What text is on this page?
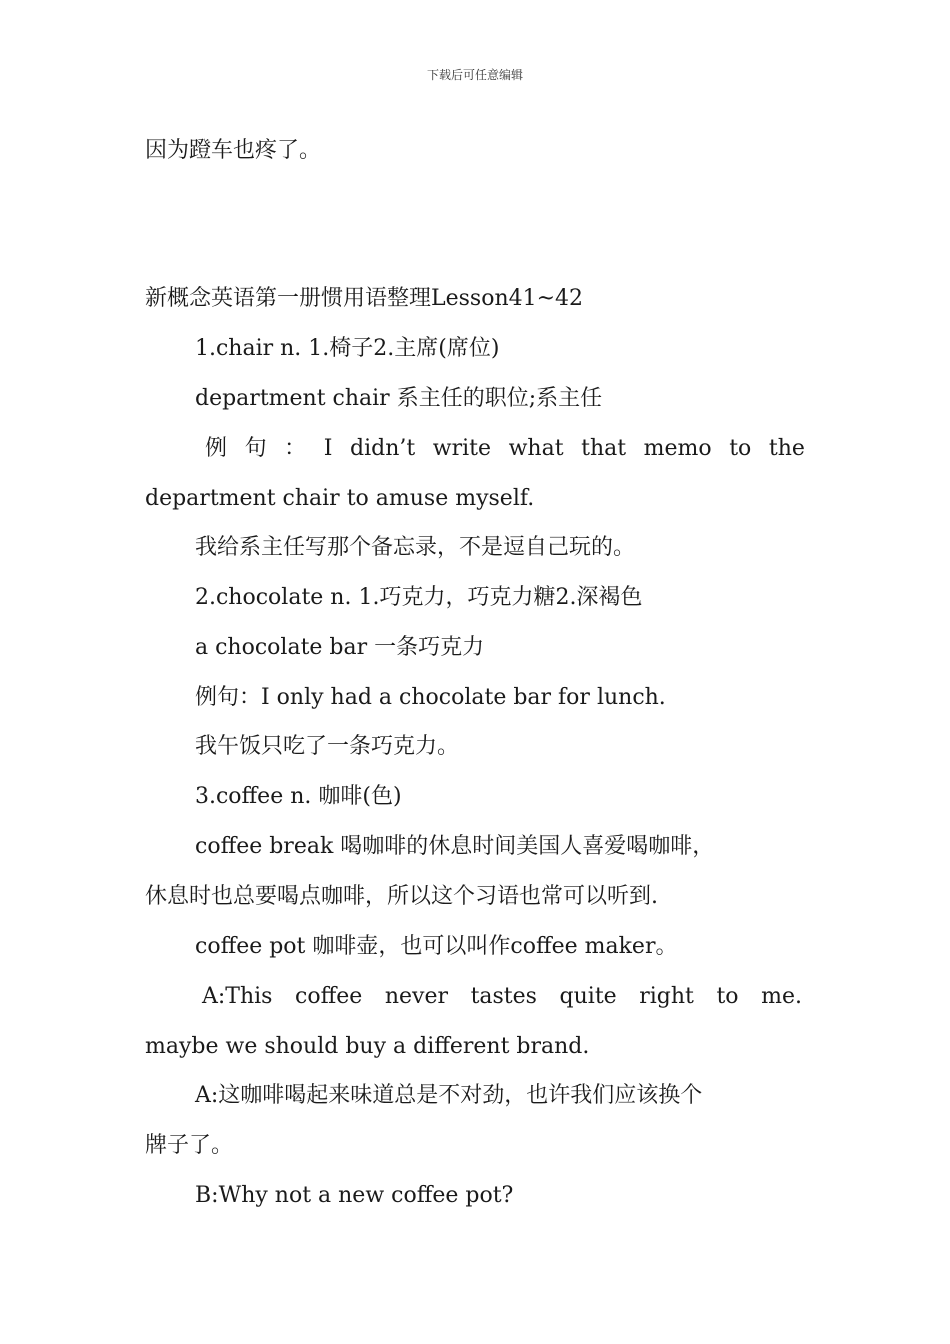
下载后可任意编辑
因为蹬车也疼了。
新概念英语第一册惯用语整理Lesson41~42
1.chair n. 1.椅子2.主席(席位)
department chair 系主任的职位;系主任
例 句 ： I didn’t write what that memo to the
department chair to amuse myself.
我给系主任写那个备忘录，不是逗自己玩的。
2.chocolate n. 1.巧克力，巧克力糖2.深褐色
a chocolate bar 一条巧克力
例句：I only had a chocolate bar for lunch.
我午饭只吃了一条巧克力。
3.coffee n. 咖啡(色)
coffee break 喝咖啡的休息时间美国人喜爱喝咖啡，
休息时也总要喝点咖啡，所以这个习语也常可以听到.
coffee pot 咖啡壶，也可以叫作coffee maker。
A:This coffee never tastes quite right to me.
maybe we should buy a different brand.
A:这咖啡喝起来味道总是不对劲，也许我们应该换个
牌子了。
B:Why not a new coffee pot?
